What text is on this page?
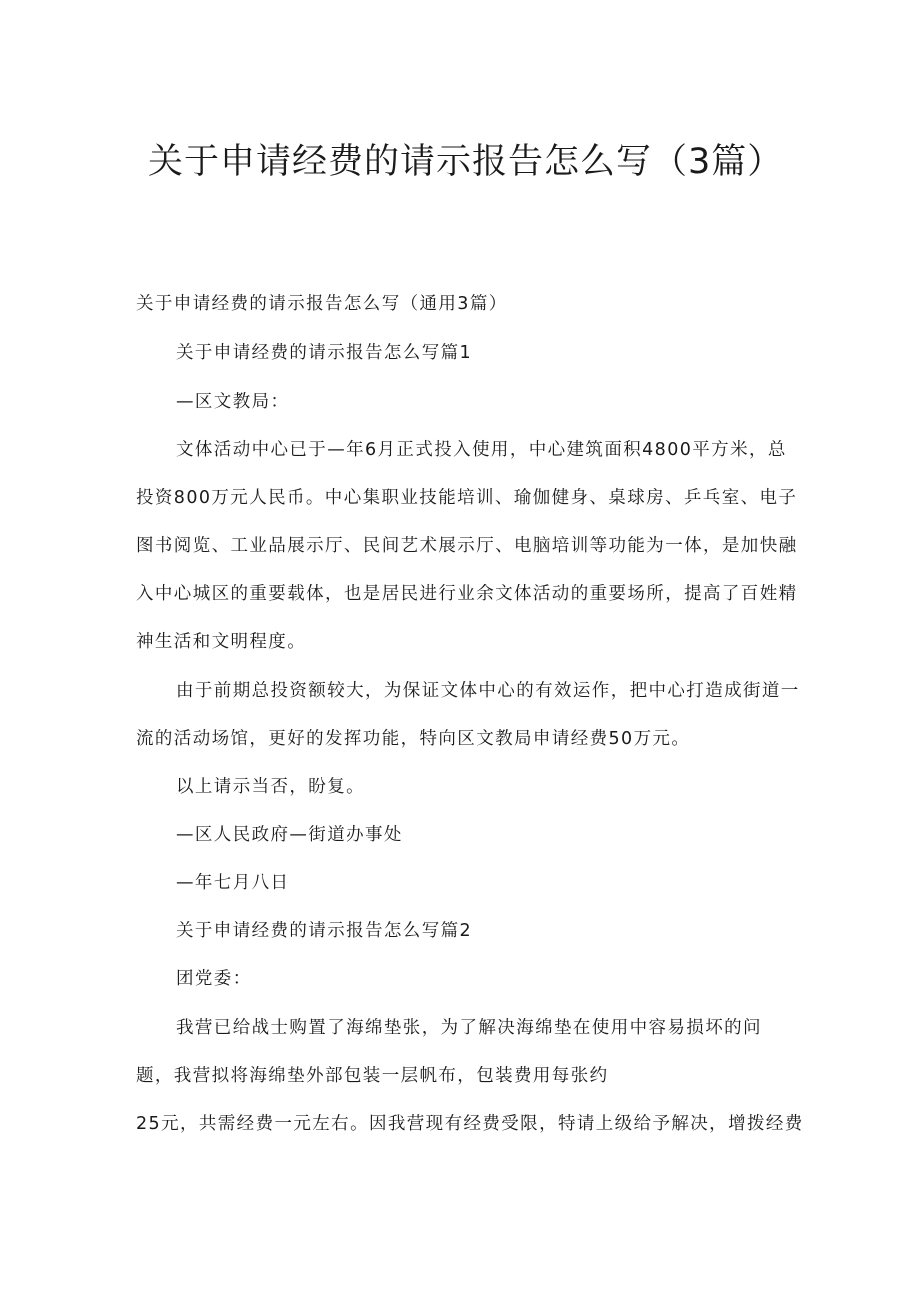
关于申请经费的请示报告怎么写（3篇）
关于申请经费的请示报告怎么写（通用3篇）
关于申请经费的请示报告怎么写篇1
—区文教局：
文体活动中心已于—年6月正式投入使用，中心建筑面积4800平方米，总
投资800万元人民币。中心集职业技能培训、瑜伽健身、桌球房、乒乓室、电子
图书阅览、工业品展示厅、民间艺术展示厅、电脑培训等功能为一体，是加快融
入中心城区的重要载体，也是居民进行业余文体活动的重要场所，提高了百姓精
神生活和文明程度。
由于前期总投资额较大，为保证文体中心的有效运作，把中心打造成街道一
流的活动场馆，更好的发挥功能，特向区文教局申请经费50万元。
以上请示当否，盼复。
—区人民政府—街道办事处
—年七月八日
关于申请经费的请示报告怎么写篇2
团党委：
我营已给战士购置了海绵垫张，为了解决海绵垫在使用中容易损坏的问
题，我营拟将海绵垫外部包装一层帆布，包装费用每张约
25元，共需经费一元左右。因我营现有经费受限，特请上级给予解决，增拨经费
